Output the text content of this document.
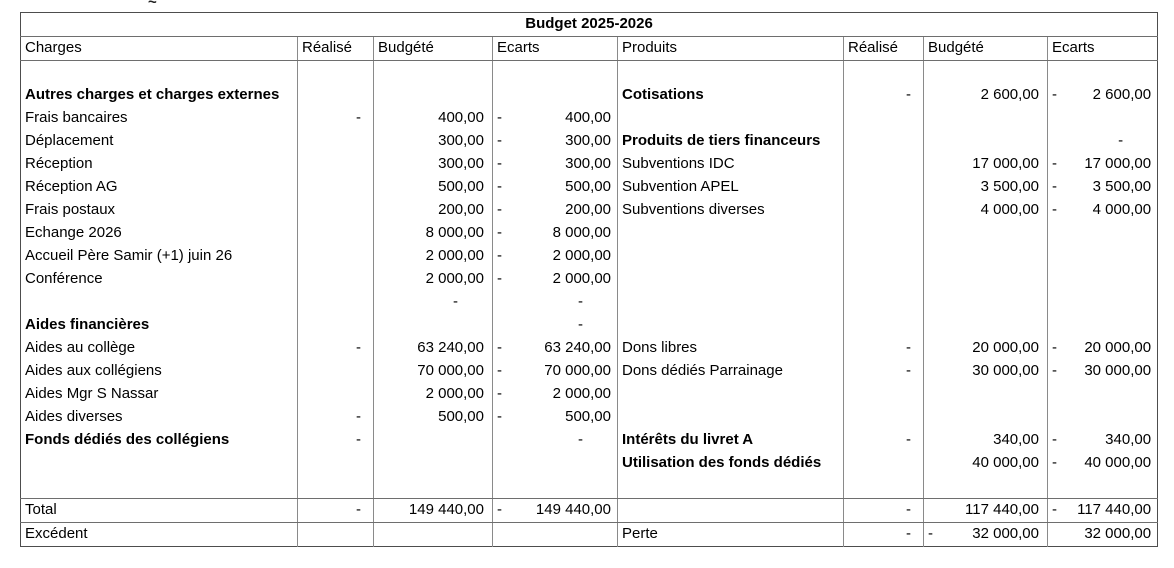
~
Budget 2025-2026							

Charges	Réalisé	Budgété	Ecarts	Produits	Réalisé	Budgété	Ecarts

Autres charges et charges externes				Cotisations	-	2 600,00	- 2 600,00

Frais bancaires	-	400,00	- 400,00				

Déplacement		300,00	- 300,00	Produits de tiers financeurs			-

Réception		300,00	- 300,00	Subventions IDC		17 000,00	- 17 000,00

Réception AG		500,00	- 500,00	Subvention APEL		3 500,00	- 3 500,00

Frais postaux		200,00	- 200,00	Subventions diverses		4 000,00	- 4 000,00

Echange 2026		8 000,00	- 8 000,00				

Accueil Père Samir (+1) juin 26		2 000,00	- 2 000,00				

Conférence		2 000,00	- 2 000,00				

		-	-				

Aides financières			-				

Aides au collège	-	63 240,00	- 63 240,00	Dons libres	-	20 000,00	- 20 000,00

Aides aux collégiens		70 000,00	- 70 000,00	Dons dédiés Parrainage	-	30 000,00	- 30 000,00

Aides Mgr S Nassar		2 000,00	- 2 000,00				

Aides diverses	-	500,00	- 500,00				

Fonds dédiés des collégiens	-		-	Intérêts du livret A	-	340,00	- 340,00

				Utilisation des fonds dédiés		40 000,00	- 40 000,00

Total	-	149 440,00	- 149 440,00		-	117 440,00	- 117 440,00

Excédent				Perte	-	- 32 000,00	32 000,00
